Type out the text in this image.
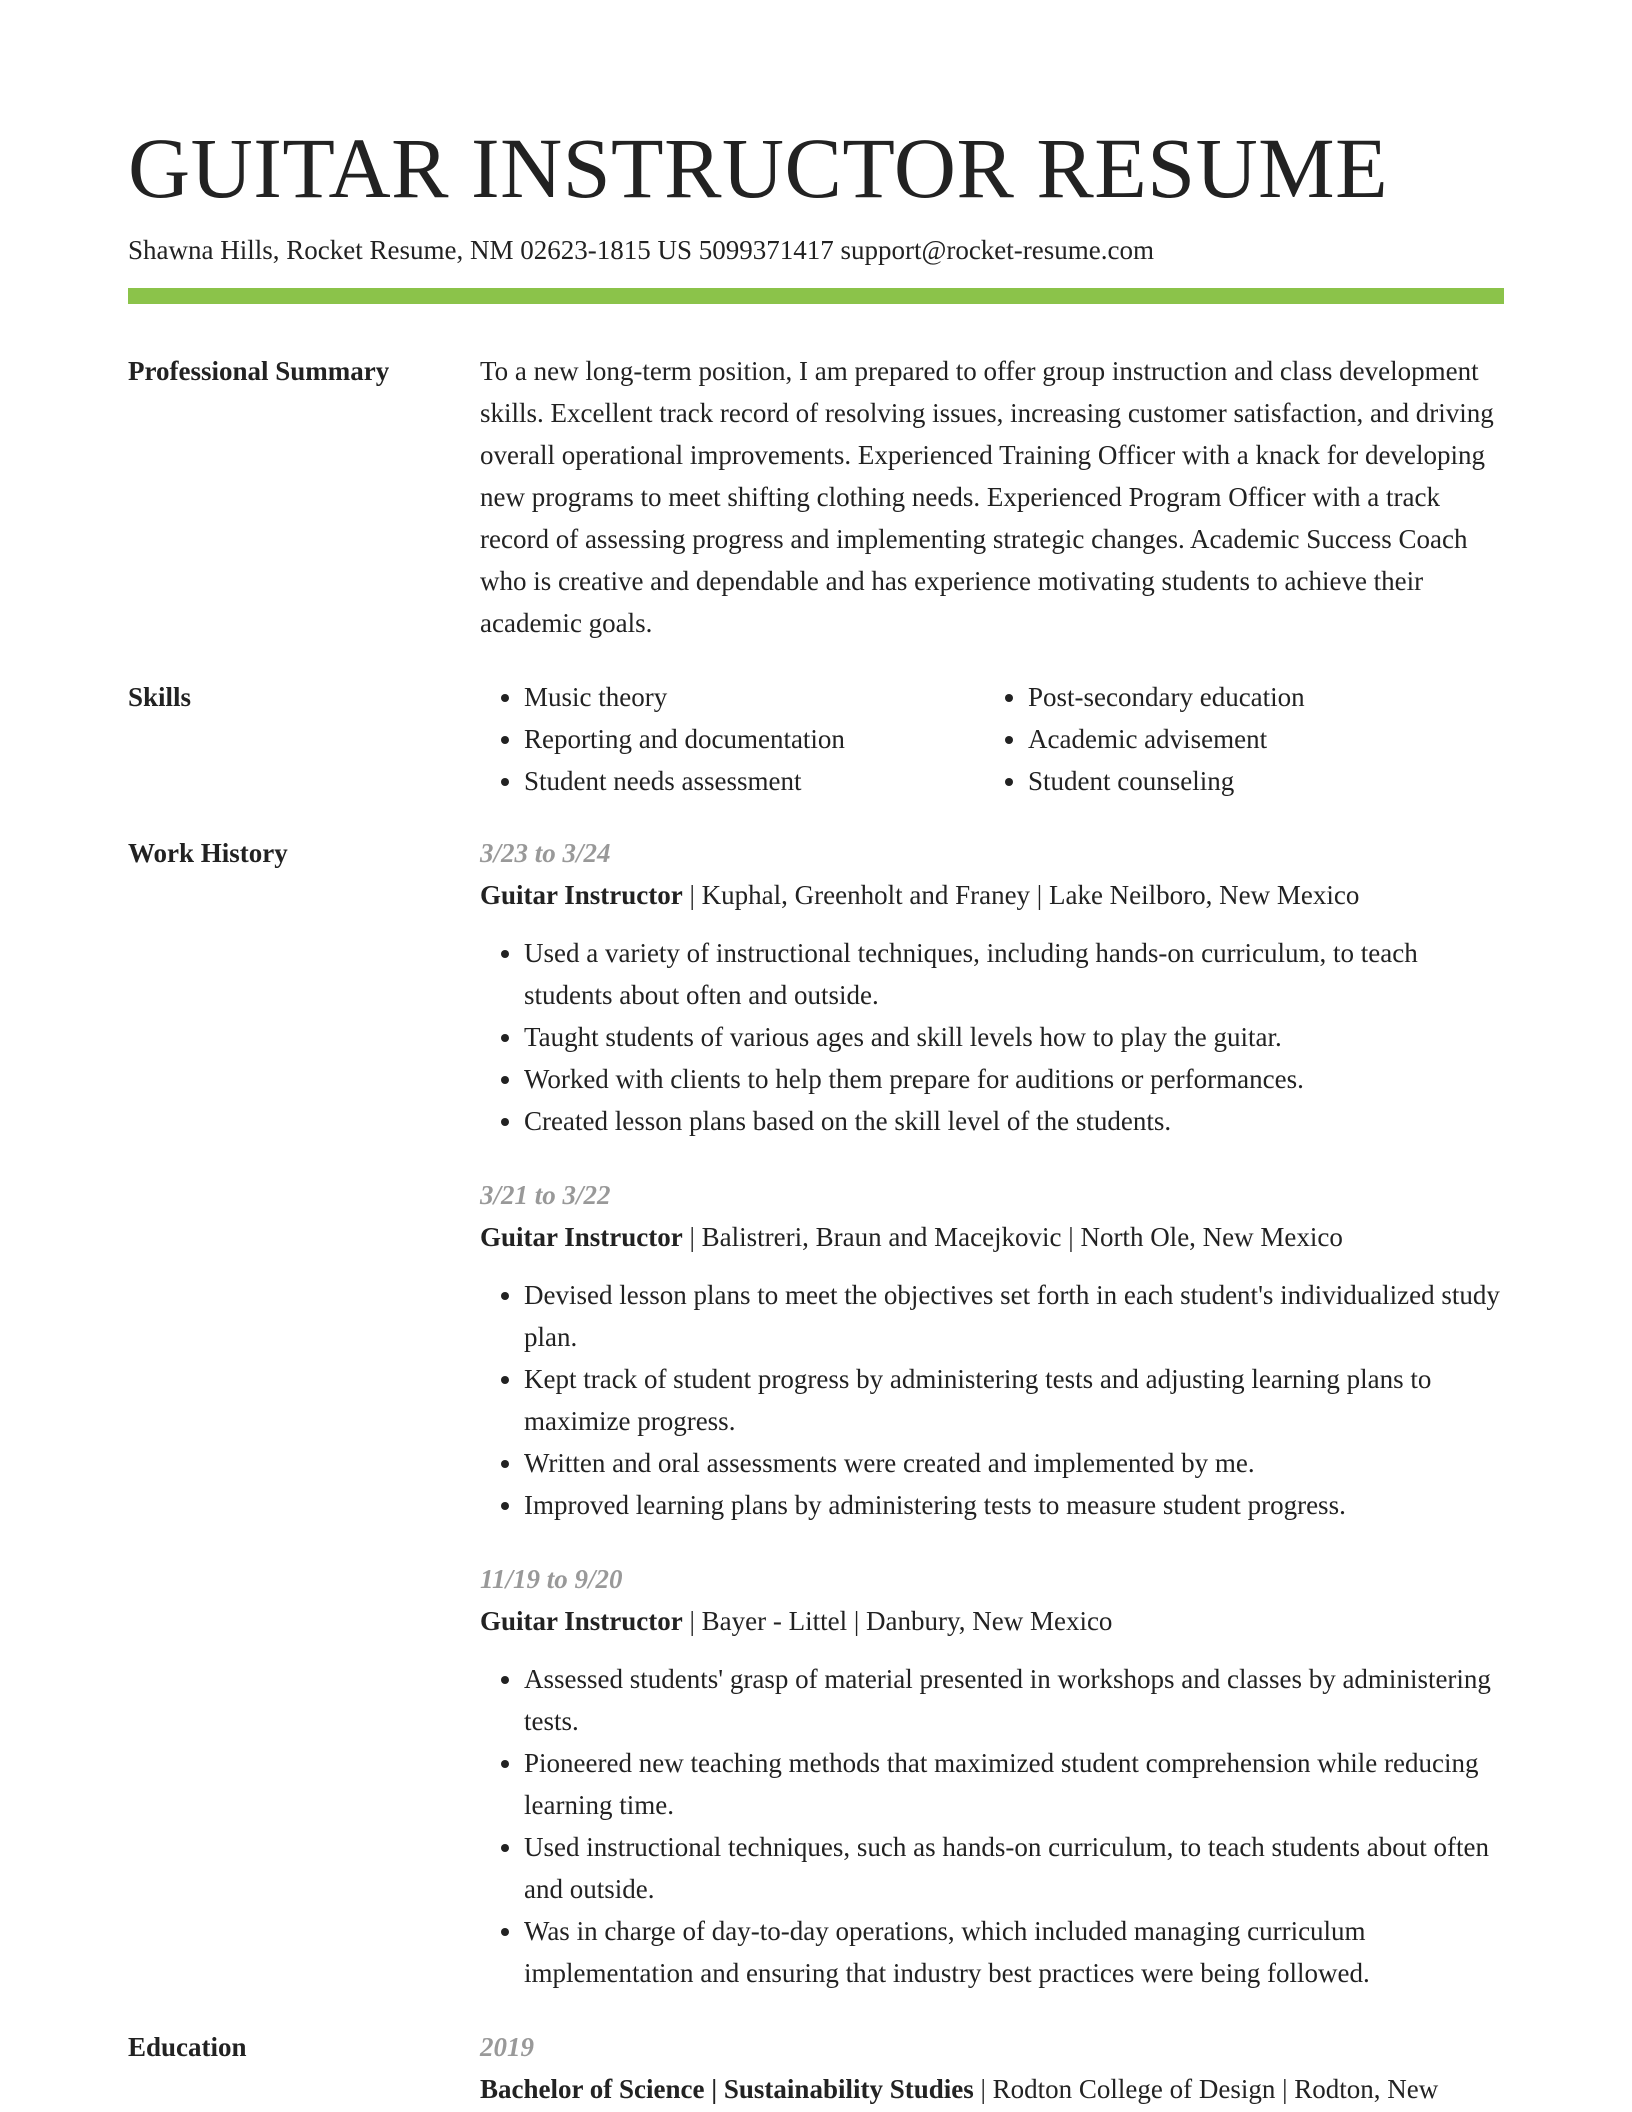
GUITAR INSTRUCTOR RESUME
Shawna Hills, Rocket Resume, NM 02623-1815 US 5099371417 support@rocket-resume.com
Professional Summary	To a new long-term position, I am prepared to offer group instruction and class development skills. Excellent track record of resolving issues, increasing customer satisfaction, and driving overall operational improvements. Experienced Training Officer with a knack for developing new programs to meet shifting clothing needs. Experienced Program Officer with a track record of assessing progress and implementing strategic changes. Academic Success Coach who is creative and dependable and has experience motivating students to achieve their academic goals.

Skills
•	Music theory
• Reporting and documentation
• Student needs assessment
• Post-secondary education
• Academic advisement
• Student counseling
Work History	3/23 to 3/24

Guitar Instructor | Kuphal, Greenholt and Franey | Lake Neilboro, New Mexico

• Used a variety of instructional techniques, including hands-on curriculum, to teach students about often and outside.
• Taught students of various ages and skill levels how to play the guitar.
• Worked with clients to help them prepare for auditions or performances.
• Created lesson plans based on the skill level of the students.
3/21 to 3/22

Guitar Instructor | Balistreri, Braun and Macejkovic | North Ole, New Mexico

• Devised lesson plans to meet the objectives set forth in each student's individualized study plan.
• Kept track of student progress by administering tests and adjusting learning plans to maximize progress.
• Written and oral assessments were created and implemented by me.
• Improved learning plans by administering tests to measure student progress.
11/19 to 9/20

Guitar Instructor | Bayer - Littel | Danbury, New Mexico

• Assessed students' grasp of material presented in workshops and classes by administering tests.
• Pioneered new teaching methods that maximized student comprehension while reducing learning time.
• Used instructional techniques, such as hands-on curriculum, to teach students about often and outside.
• Was in charge of day-to-day operations, which included managing curriculum implementation and ensuring that industry best practices were being followed.
Education	2019

Bachelor of Science | Sustainability Studies | Rodton College of Design | Rodton, New
